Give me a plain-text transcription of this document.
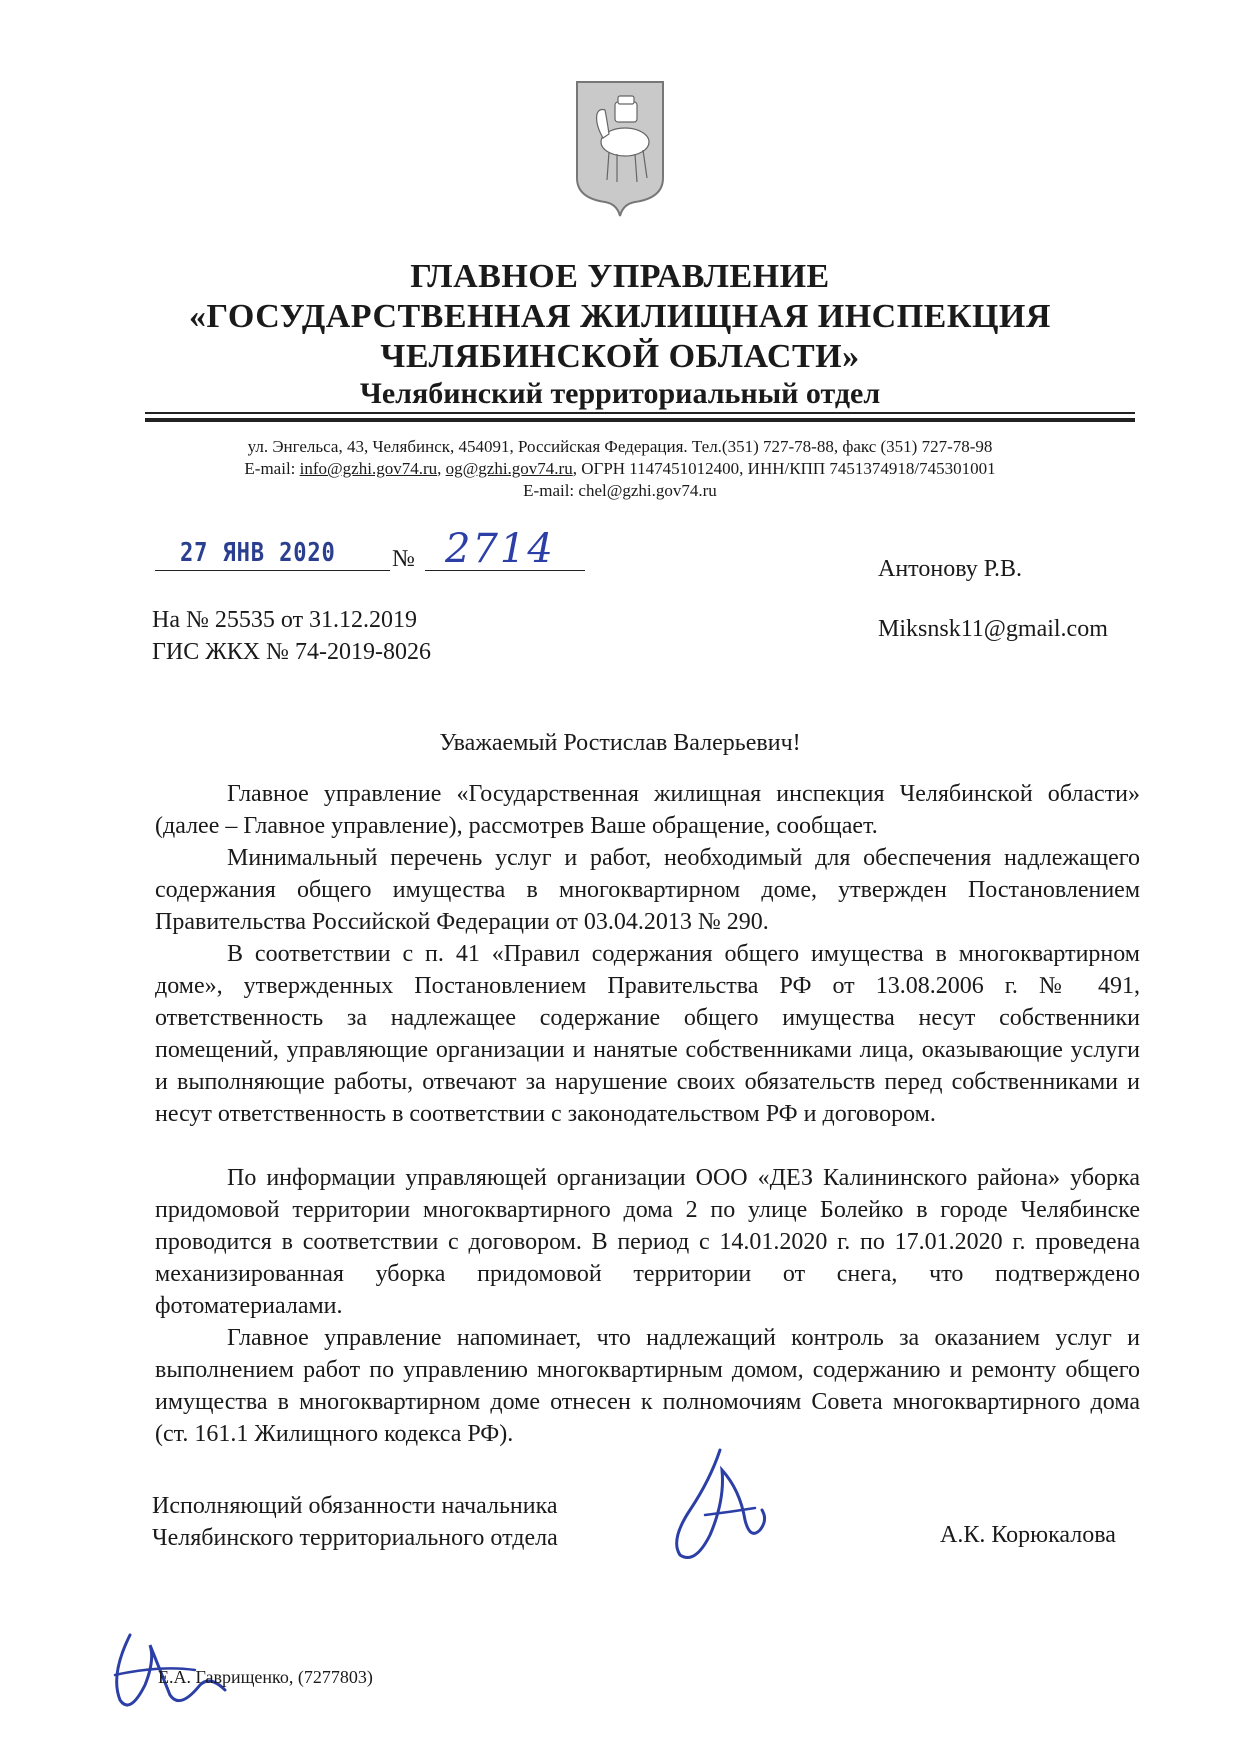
ГЛАВНОЕ УПРАВЛЕНИЕ
«ГОСУДАРСТВЕННАЯ ЖИЛИЩНАЯ ИНСПЕКЦИЯ
ЧЕЛЯБИНСКОЙ ОБЛАСТИ»
Челябинский территориальный отдел
ул. Энгельса, 43, Челябинск, 454091, Российская Федерация. Тел.(351) 727-78-88, факс (351) 727-78-98
E-mail: info@gzhi.gov74.ru, og@gzhi.gov74.ru, ОГРН 1147451012400, ИНН/КПП 7451374918/745301001
E-mail: chel@gzhi.gov74.ru
27 ЯНВ 2020 № 2714	Антонову Р.В.
Miksnsk11@gmail.com
На № 25535 от 31.12.2019
ГИС ЖКХ № 74-2019-8026
Уважаемый Ростислав Валерьевич!

Главное управление «Государственная жилищная инспекция Челябинской области» (далее – Главное управление), рассмотрев Ваше обращение, сообщает.

Минимальный перечень услуг и работ, необходимый для обеспечения надлежащего содержания общего имущества в многоквартирном доме, утвержден Постановлением Правительства Российской Федерации от 03.04.2013 № 290.

В соответствии с п. 41 «Правил содержания общего имущества в многоквартирном доме», утвержденных Постановлением Правительства РФ от 13.08.2006 г. № 491, ответственность за надлежащее содержание общего имущества несут собственники помещений, управляющие организации и нанятые собственниками лица, оказывающие услуги и выполняющие работы, отвечают за нарушение своих обязательств перед собственниками и несут ответственность в соответствии с законодательством РФ и договором.

По информации управляющей организации ООО «ДЕЗ Калининского района» уборка придомовой территории многоквартирного дома 2 по улице Болейко в городе Челябинске проводится в соответствии с договором. В период с 14.01.2020 г. по 17.01.2020 г. проведена механизированная уборка придомовой территории от снега, что подтверждено фотоматериалами.

Главное управление напоминает, что надлежащий контроль за оказанием услуг и выполнением работ по управлению многоквартирным домом, содержанию и ремонту общего имущества в многоквартирном доме отнесен к полномочиям Совета многоквартирного дома (ст. 161.1 Жилищного кодекса РФ).

Исполняющий обязанности начальника
Челябинского территориального отдела	А.К. Корюкалова
Е.А. Гаврищенко, (7277803)
